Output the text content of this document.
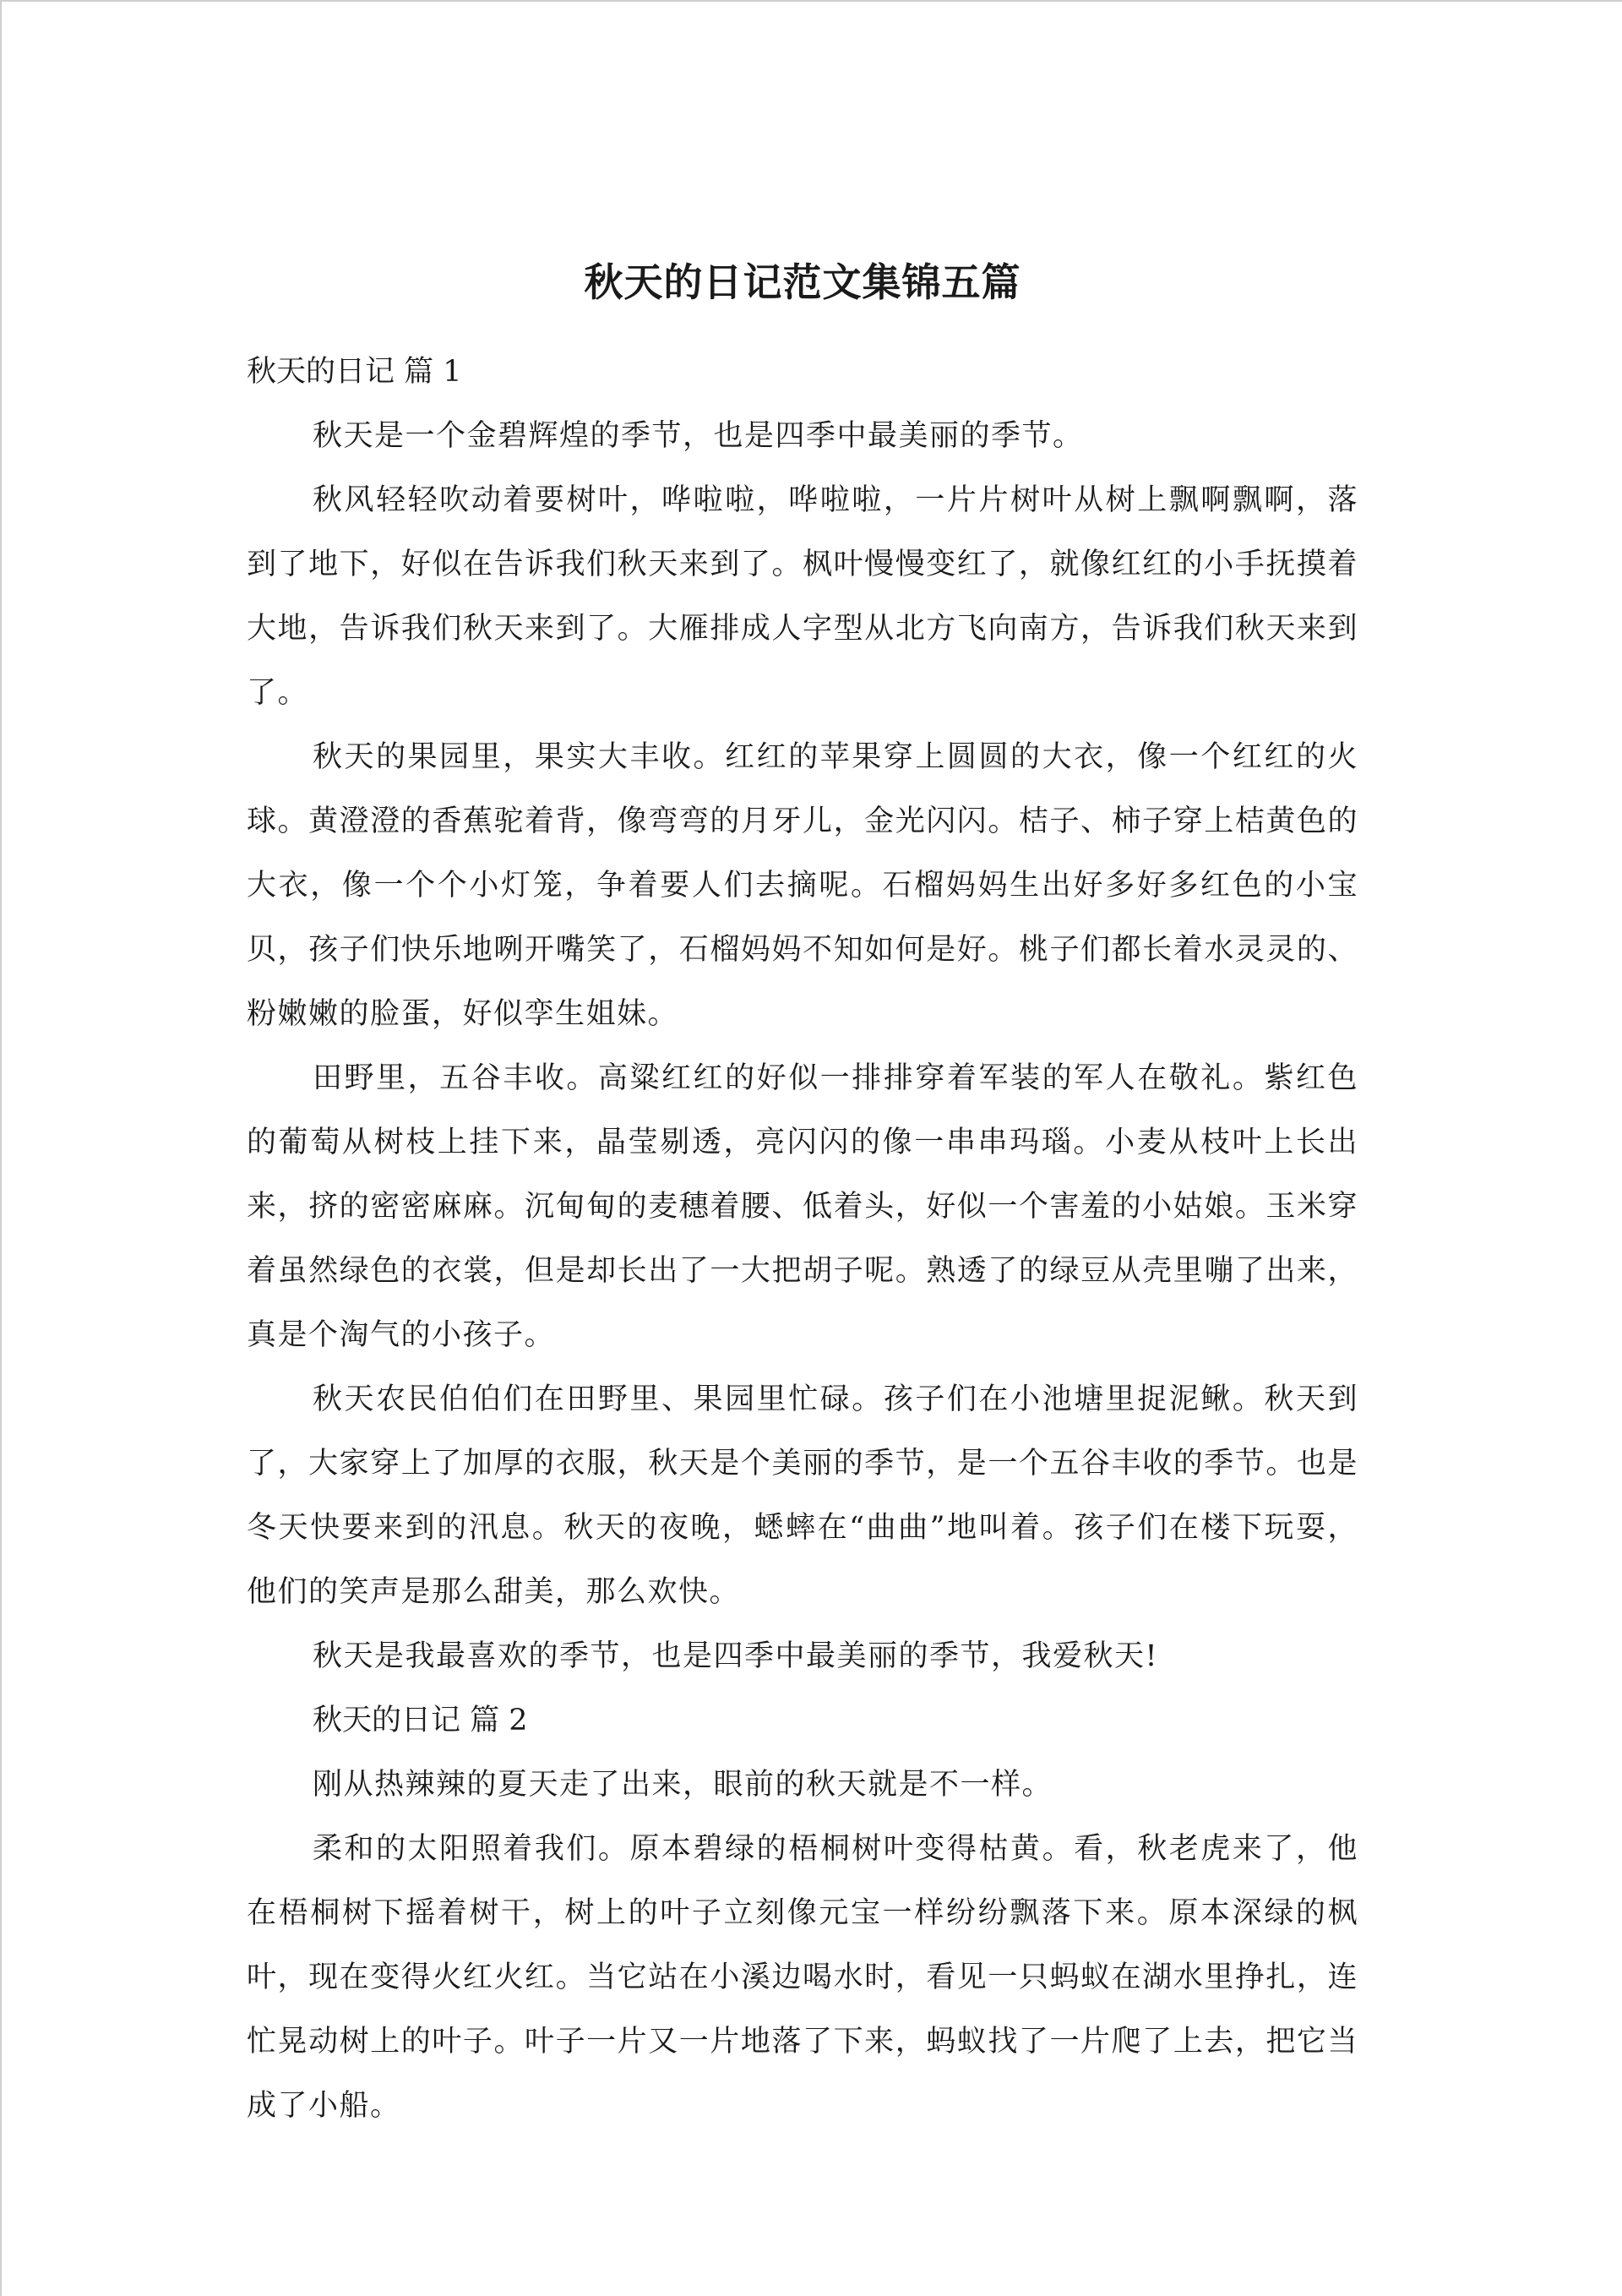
秋天的日记范文集锦五篇

秋天的日记 篇 1

秋天是一个金碧辉煌的季节，也是四季中最美丽的季节。

秋风轻轻吹动着要树叶，哗啦啦，哗啦啦，一片片树叶从树上飘啊飘啊，落到了地下，好似在告诉我们秋天来到了。枫叶慢慢变红了，就像红红的小手抚摸着大地，告诉我们秋天来到了。大雁排成人字型从北方飞向南方，告诉我们秋天来到了。

秋天的果园里，果实大丰收。红红的苹果穿上圆圆的大衣，像一个红红的火球。黄澄澄的香蕉驼着背，像弯弯的月牙儿，金光闪闪。桔子、柿子穿上桔黄色的大衣，像一个个小灯笼，争着要人们去摘呢。石榴妈妈生出好多好多红色的小宝贝，孩子们快乐地咧开嘴笑了，石榴妈妈不知如何是好。桃子们都长着水灵灵的、粉嫩嫩的脸蛋，好似孪生姐妹。

田野里，五谷丰收。高粱红红的好似一排排穿着军装的军人在敬礼。紫红色的葡萄从树枝上挂下来，晶莹剔透，亮闪闪的像一串串玛瑙。小麦从枝叶上长出来，挤的密密麻麻。沉甸甸的麦穗着腰、低着头，好似一个害羞的小姑娘。玉米穿着虽然绿色的衣裳，但是却长出了一大把胡子呢。熟透了的绿豆从壳里嘣了出来，真是个淘气的小孩子。

秋天农民伯伯们在田野里、果园里忙碌。孩子们在小池塘里捉泥鳅。秋天到了，大家穿上了加厚的衣服，秋天是个美丽的季节，是一个五谷丰收的季节。也是冬天快要来到的汛息。秋天的夜晚，蟋蟀在“曲曲”地叫着。孩子们在楼下玩耍，他们的笑声是那么甜美，那么欢快。

秋天是我最喜欢的季节，也是四季中最美丽的季节，我爱秋天!

秋天的日记 篇 2

刚从热辣辣的夏天走了出来，眼前的秋天就是不一样。

柔和的太阳照着我们。原本碧绿的梧桐树叶变得枯黄。看，秋老虎来了，他在梧桐树下摇着树干，树上的叶子立刻像元宝一样纷纷飘落下来。原本深绿的枫叶，现在变得火红火红。当它站在小溪边喝水时，看见一只蚂蚁在湖水里挣扎，连忙晃动树上的叶子。叶子一片又一片地落了下来，蚂蚁找了一片爬了上去，把它当成了小船。
